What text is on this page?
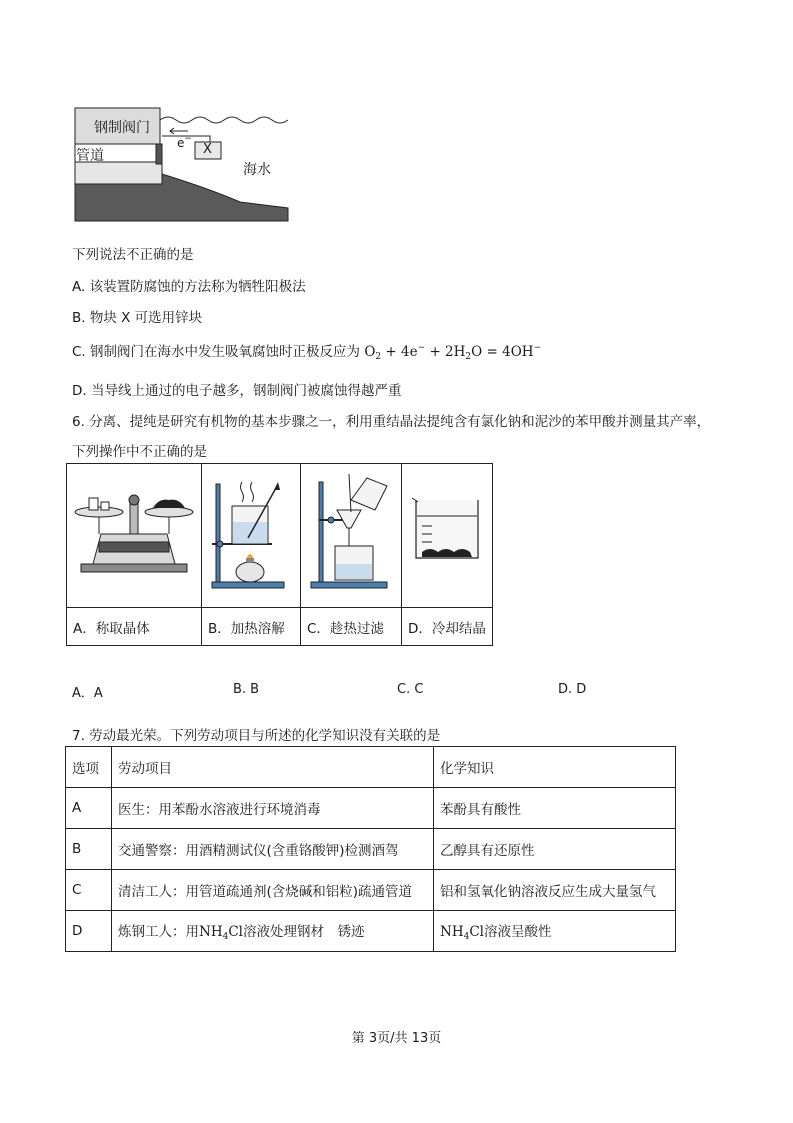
钢制阀门
管道
e−
X
海水
下列说法不正确的是
A. 该装置防腐蚀的方法称为牺牲阳极法
B. 物块 X 可选用锌块
C. 钢制阀门在海水中发生吸氧腐蚀时正极反应为 $O_2 + 4e^- + 2H_2O = 4OH^-$
D. 当导线上通过的电子越多，钢制阀门被腐蚀得越严重
6. 分离、提纯是研究有机物的基本步骤之一，利用重结晶法提纯含有氯化钠和泥沙的苯甲酸并测量其产率，
下列操作中不正确的是

A．称取晶体	B．加热溶解	C．趁热过滤	D．冷却结晶
A．A	B. B	C. C	D. D
7. 劳动最光荣。下列劳动项目与所述的化学知识没有关联的是
选项	劳动项目	化学知识
A	医生：用苯酚水溶液进行环境消毒	苯酚具有酸性
B	交通警察：用酒精测试仪(含重铬酸钾)检测酒驾	乙醇具有还原性
C	清洁工人：用管道疏通剂(含烧碱和铝粒)疏通管道	铝和氢氧化钠溶液反应生成大量氢气
D	炼钢工人：用$NH_4Cl$溶液处理钢材　锈迹	$NH_4Cl$溶液呈酸性
第 3页/共 13页
